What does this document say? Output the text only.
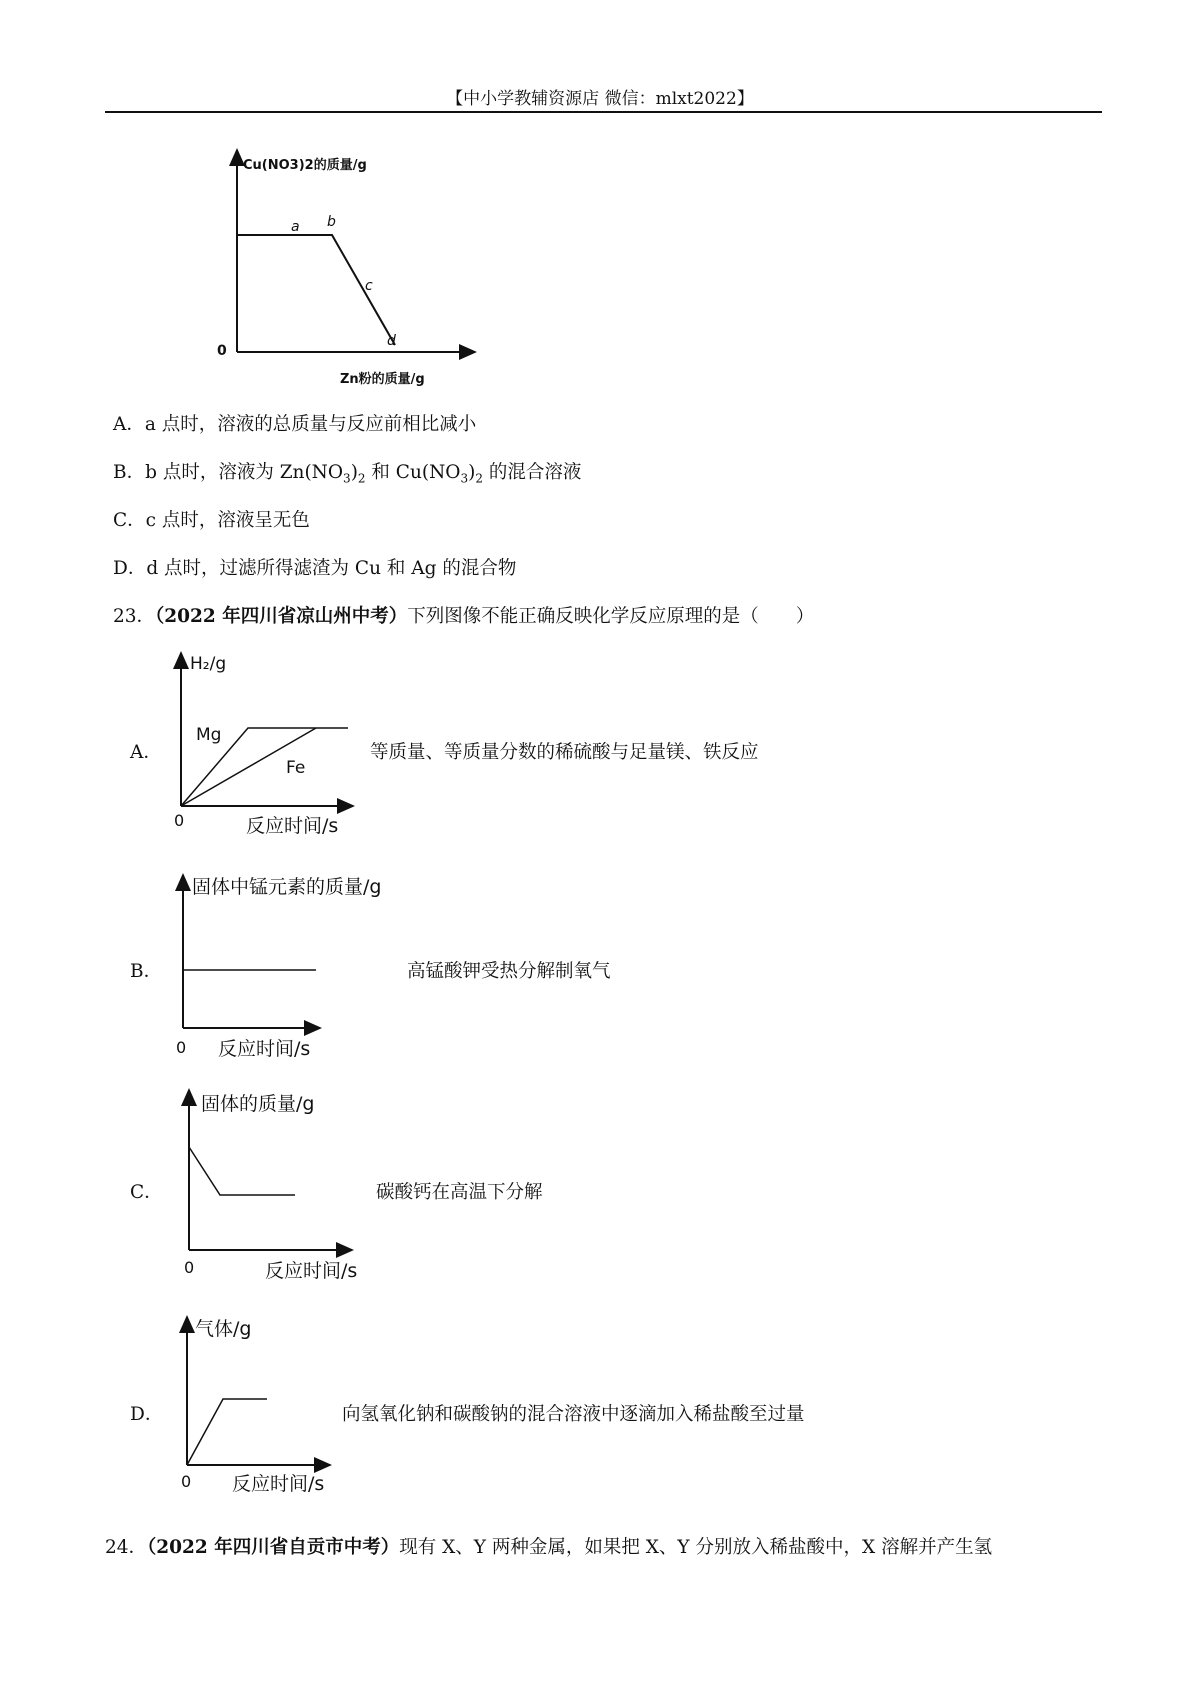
【中小学教辅资源店 微信：mlxt2022】
Cu(NO3)2的质量/g
Zn粉的质量/g
0
a b
c
d
A．a 点时，溶液的总质量与反应前相比减小
B．b 点时，溶液为 $Zn(NO_3)_2$ 和 $Cu(NO_3)_2$ 的混合溶液
C．c 点时，溶液呈无色
D．d 点时，过滤所得滤渣为 Cu 和 Ag 的混合物
23．（2022 年四川省凉山州中考）下列图像不能正确反映化学反应原理的是（　　）
A．
H₂/g
Mg
Fe
0	反应时间/s
等质量、等质量分数的稀硫酸与足量镁、铁反应
B．
固体中锰元素的质量/g
0 反应时间/s
高锰酸钾受热分解制氧气
C．
固体的质量/g
0	反应时间/s
碳酸钙在高温下分解
D．
气体/g
0 反应时间/s
向氢氧化钠和碳酸钠的混合溶液中逐滴加入稀盐酸至过量
24．（2022 年四川省自贡市中考）现有 X、Y 两种金属，如果把 X、Y 分别放入稀盐酸中，X 溶解并产生氢
